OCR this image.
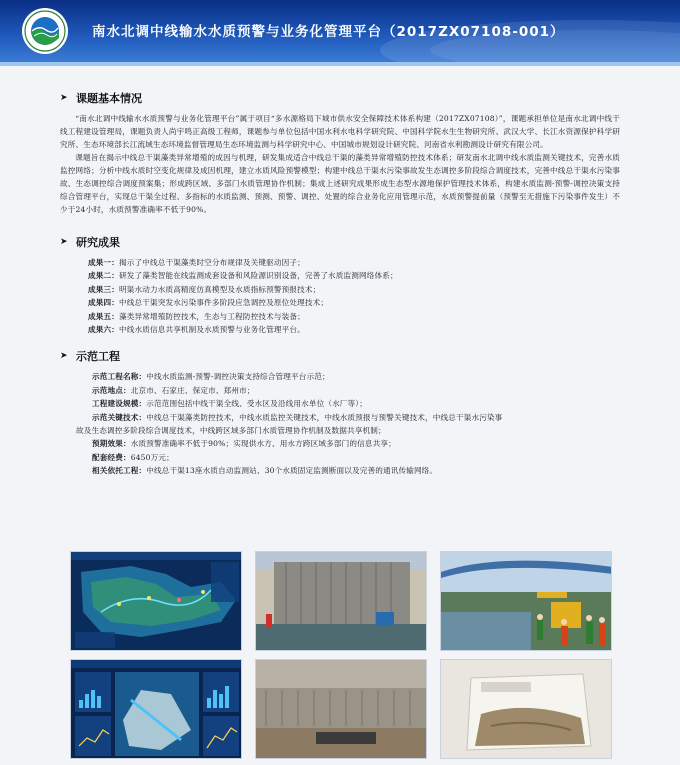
南水北调中线输水水质预警与业务化管理平台（2017ZX07108-001）
➤ 课题基本情况

“南水北调中线输水水质预警与业务化管理平台”属于项目“多水源格局下城市供水安全保障技术体系构建（2017ZX07108）”，课题承担单位是南水北调中线干线工程建设管理局，课题负责人尚宇鸣正高级工程师，课题参与单位包括中国水利水电科学研究院、中国科学院水生生物研究所、武汉大学、长江水资源保护科学研究所、生态环境部长江流域生态环境监督管理局生态环境监测与科学研究中心、中国城市规划设计研究院、河南省水利勘测设计研究有限公司。

课题旨在揭示中线总干渠藻类异常增殖的成因与机理，研发集成适合中线总干渠的藻类异常增殖防控技术体系；研发南水北调中线水质监测关键技术，完善水质监控网络；分析中线水质时空变化规律及成因机理，建立水质风险预警模型；构建中线总干渠水污染事故发生态调控多阶段综合调度技术，完善中线总干渠水污染事故、生态调控综合调度预案集；形成跨区域、多部门水质管理协作机制；集成上述研究成果形成生态型水源地保护管理技术体系，构建水质监测-预警-调控决策支持综合管理平台，实现总干渠全过程、多指标的水质监测、预测、预警、调控、处置的综合业务化应用管理示范，水质预警提前量（预警至无措施下污染事件发生）不少于24小时，水质预警准确率不低于90%。

➤ 研究成果
成果一：揭示了中线总干渠藻类时空分布规律及关键驱动因子；
成果二：研发了藻类智能在线监测成套设备和风险源识别设备，完善了水质监测网络体系；
成果三：明渠水动力水质高精度仿真模型及水质指标预警预报技术；
成果四：中线总干渠突发水污染事件多阶段应急调控及原位处理技术；
成果五：藻类异常增殖防控技术，生态与工程防控技术与装备；
成果六：中线水质信息共享机制及水质预警与业务化管理平台。
➤ 示范工程
示范工程名称：中线水质监测-预警-调控决策支持综合管理平台示范；
示范地点：北京市、石家庄、保定市、郑州市；
工程建设规模：示范范围包括中线干渠全线、受水区及沿线用水单位（水厂等）；
示范关键技术：中线总干渠藻类防控技术，中线水质监控关键技术，中线水质预报与预警关键技术，中线总干渠水污染事
故及生态调控多阶段综合调度技术，中线跨区域多部门水质管理协作机制及数据共享机制；
预期效果：水质预警准确率不低于90%；实现供水方、用水方跨区域多部门的信息共享；
配套经费：6450万元；
相关依托工程：中线总干渠13座水质自动监测站、30个水质固定监测断面以及完善的通讯传输网络。
